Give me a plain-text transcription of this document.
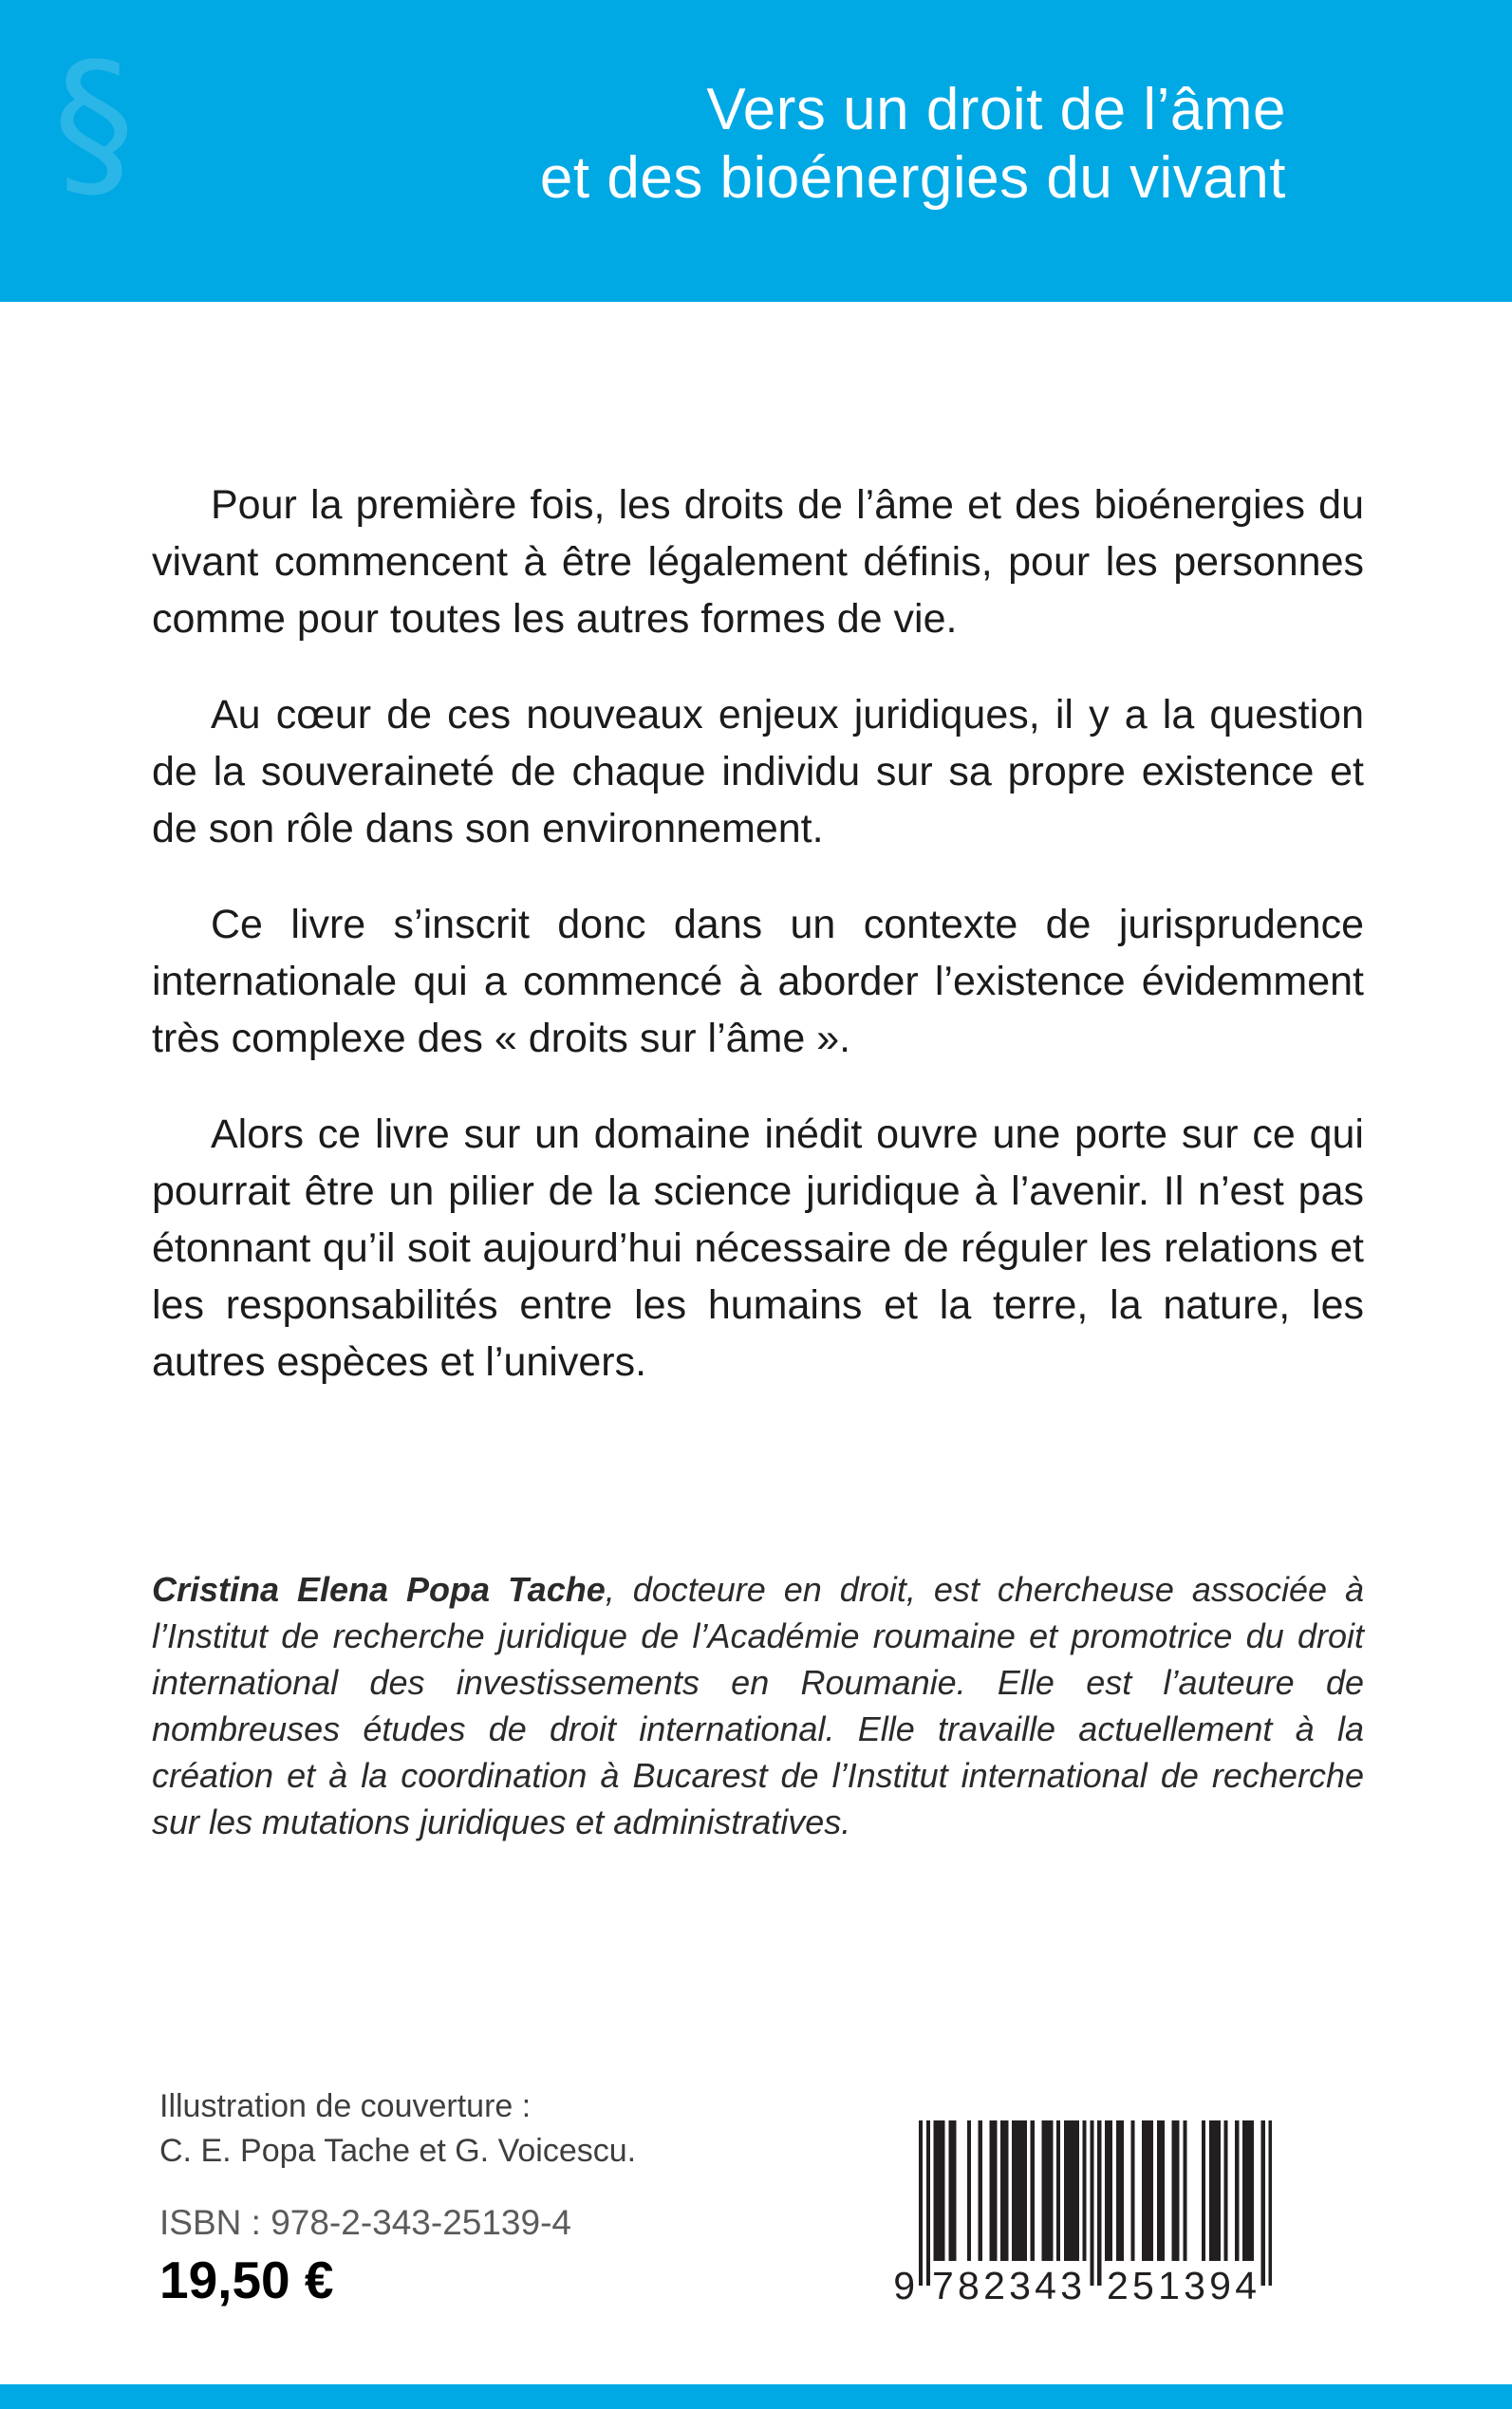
§	Vers un droit de l’âme
et des bioénergies du vivant

Pour la première fois, les droits de l’âme et des bioénergies du vivant commencent à être légalement définis, pour les personnes comme pour toutes les autres formes de vie.

Au cœur de ces nouveaux enjeux juridiques, il y a la question de la souveraineté de chaque individu sur sa propre existence et de son rôle dans son environnement.

Ce livre s’inscrit donc dans un contexte de jurisprudence internationale qui a commencé à aborder l’existence évidemment très complexe des « droits sur l’âme ».

Alors ce livre sur un domaine inédit ouvre une porte sur ce qui pourrait être un pilier de la science juridique à l’avenir. Il n’est pas étonnant qu’il soit aujourd’hui nécessaire de réguler les relations et les responsabilités entre les humains et la terre, la nature, les autres espèces et l’univers.

Cristina Elena Popa Tache, docteure en droit, est chercheuse associée à l’Institut de recherche juridique de l’Académie roumaine et promotrice du droit international des investissements en Roumanie. Elle est l’auteure de nombreuses études de droit international. Elle travaille actuellement à la création et à la coordination à Bucarest de l’Institut international de recherche sur les mutations juridiques et administratives.
Illustration de couverture :
C. E. Popa Tache et G. Voicescu.
ISBN : 978-2-343-25139-4
19,50 €	9 782343 251394
